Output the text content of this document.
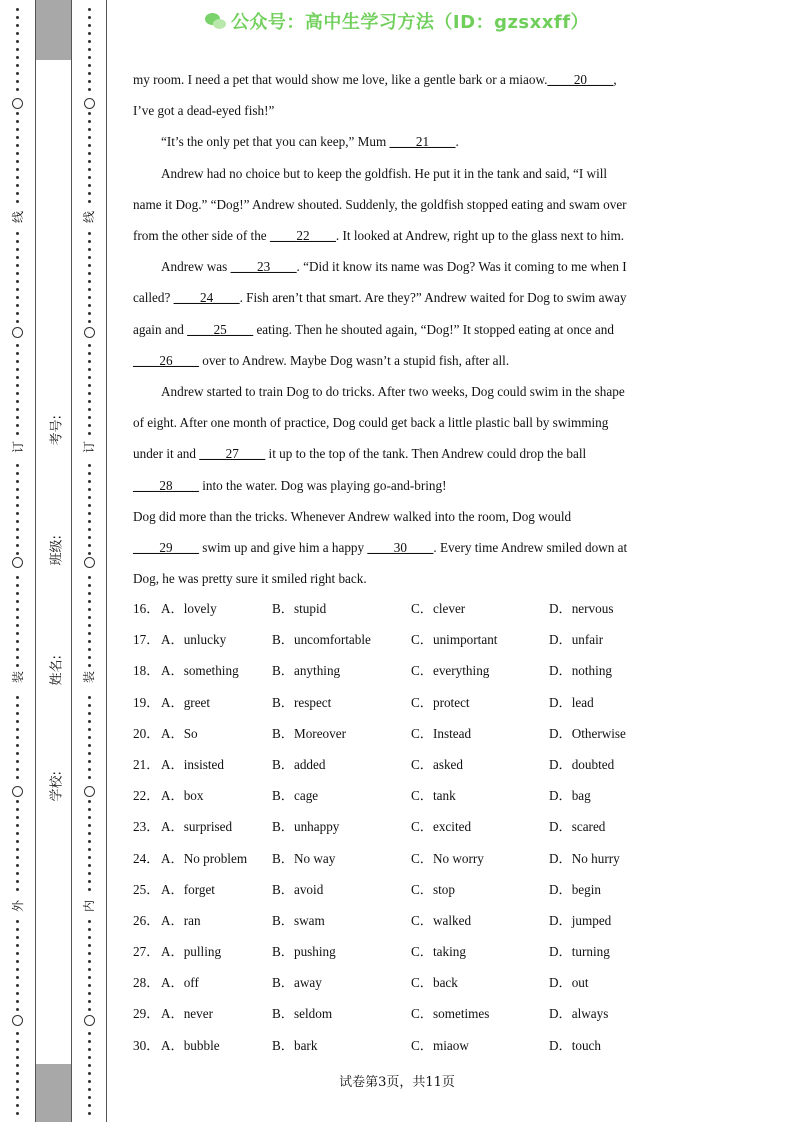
线
订
装
外
考号:
班级:
姓名:
学校:
线
订
装
内
公众号：高中生学习方法（ID：gzsxxff）

my room. I need a pet that would show me love, like a gentle bark or a miaow.____20____,

I’ve got a dead-eyed fish!”

“It’s the only pet that you can keep,” Mum ____21____.

Andrew had no choice but to keep the goldfish. He put it in the tank and said, “I will

name it Dog.” “Dog!” Andrew shouted. Suddenly, the goldfish stopped eating and swam over

from the other side of the ____22____. It looked at Andrew, right up to the glass next to him.

Andrew was ____23____. “Did it know its name was Dog? Was it coming to me when I

called? ____24____. Fish aren’t that smart. Are they?” Andrew waited for Dog to swim away

again and ____25____ eating. Then he shouted again, “Dog!” It stopped eating at once and

____26____ over to Andrew. Maybe Dog wasn’t a stupid fish, after all.

Andrew started to train Dog to do tricks. After two weeks, Dog could swim in the shape

of eight. After one month of practice, Dog could get back a little plastic ball by swimming

under it and ____27____ it up to the top of the tank. Then Andrew could drop the ball

____28____ into the water. Dog was playing go-and-bring!

Dog did more than the tricks. Whenever Andrew walked into the room, Dog would

____29____ swim up and give him a happy ____30____. Every time Andrew smiled down at

Dog, he was pretty sure it smiled right back.

16． A．lovely	B．stupid	C．clever	D．nervous
17． A．unlucky	B．uncomfortable	C．unimportant	D．unfair
18． A．something	B．anything	C．everything	D．nothing
19． A．greet	B．respect	C．protect	D．lead
20． A．So	B．Moreover	C．Instead	D．Otherwise
21． A．insisted	B．added	C．asked	D．doubted
22． A．box	B．cage	C．tank	D．bag
23． A．surprised	B．unhappy	C．excited	D．scared
24． A．No problem B．No way	C．No worry	D．No hurry
25． A．forget	B．avoid	C．stop	D．begin
26． A．ran	B．swam	C．walked	D．jumped
27． A．pulling	B．pushing	C．taking	D．turning
28． A．off	B．away	C．back	D．out
29． A．never	B．seldom	C．sometimes	D．always
30． A．bubble	B．bark	C．miaow	D．touch
试卷第3页，共11页
